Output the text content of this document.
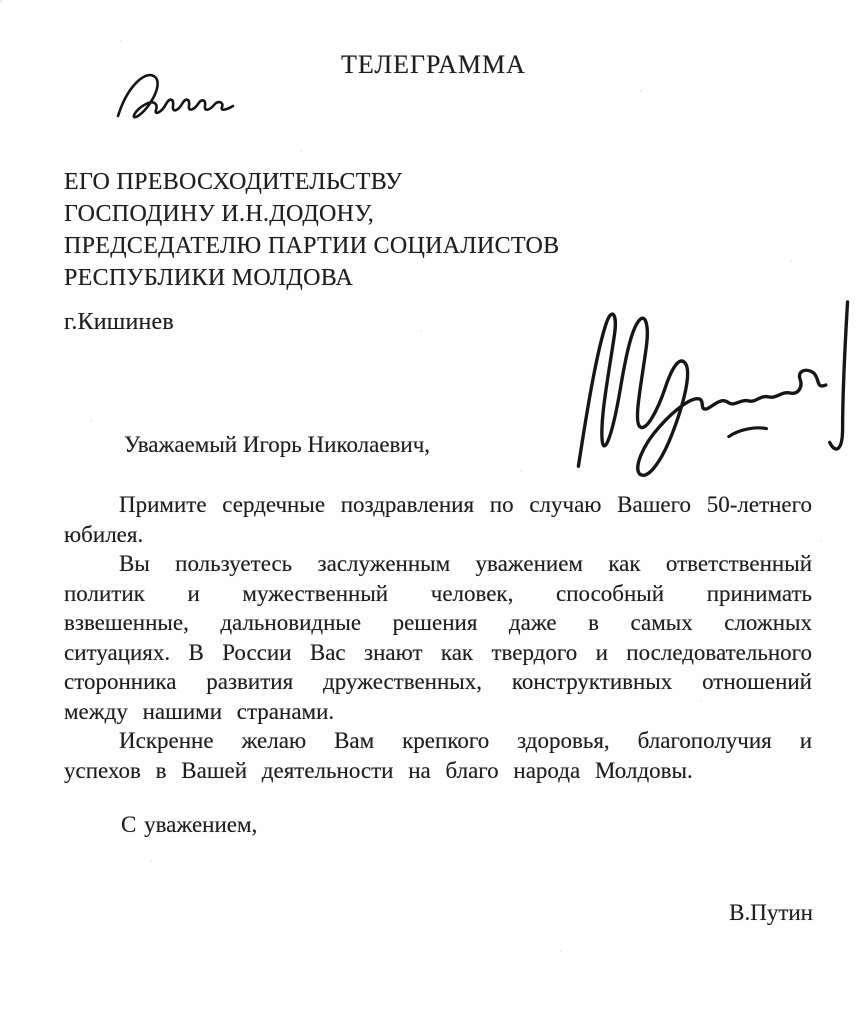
ТЕЛЕГРАММА
ЕГО ПРЕВОСХОДИТЕЛЬСТВУ
ГОСПОДИНУ И.Н.ДОДОНУ,
ПРЕДСЕДАТЕЛЮ ПАРТИИ СОЦИАЛИСТОВ
РЕСПУБЛИКИ МОЛДОВА
г.Кишинев

Уважаемый Игорь Николаевич,

Примите сердечные поздравления по случаю Вашего 50-летнего юбилея.

Вы пользуетесь заслуженным уважением как ответственный политик и мужественный человек, способный принимать взвешенные, дальновидные решения даже в самых сложных ситуациях. В России Вас знают как твердого и последовательного сторонника развития дружественных, конструктивных отношений между нашими странами.

Искренне желаю Вам крепкого здоровья, благополучия и успехов в Вашей деятельности на благо народа Молдовы.

С уважением,

В.Путин
